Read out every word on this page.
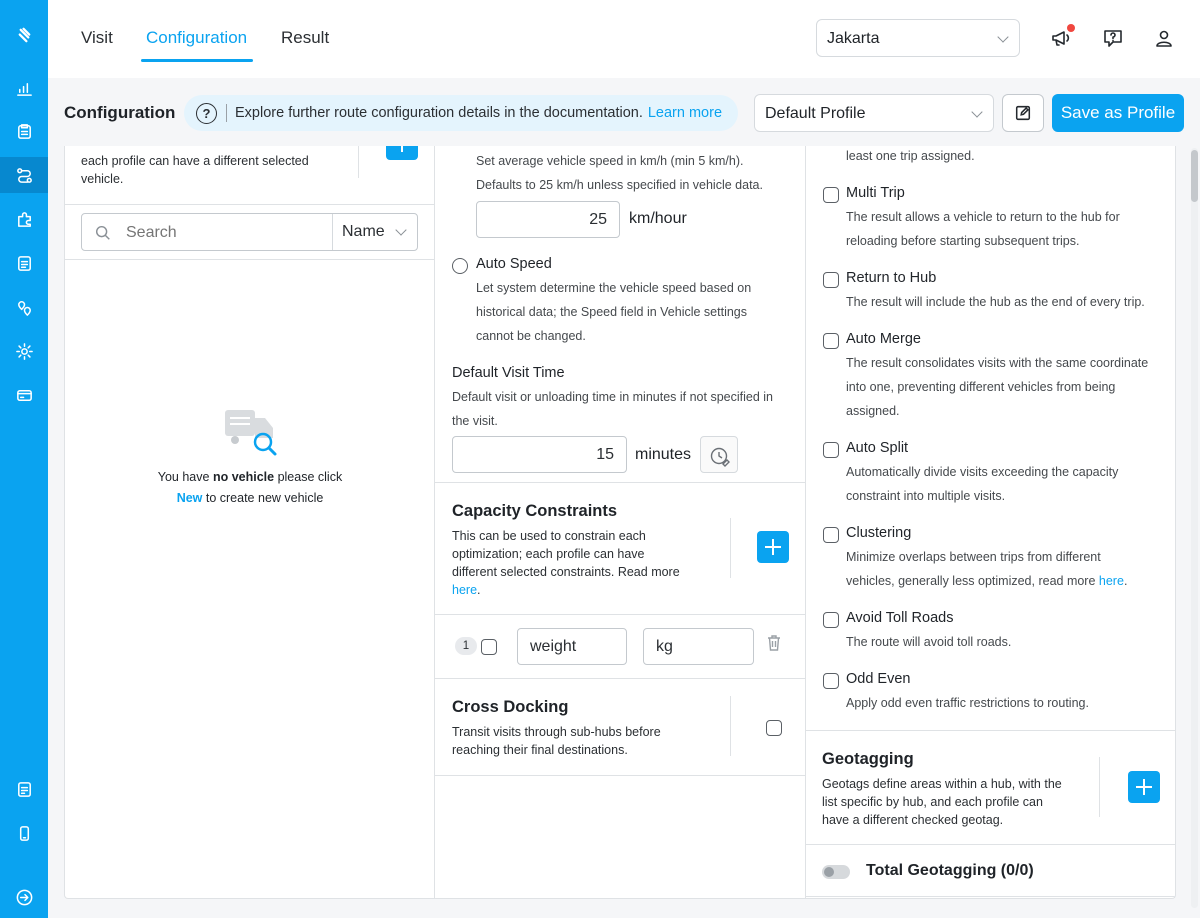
Visit Configuration Result	Jakarta
Configuration	?	Explore further route configuration details in the documentation. Learn more	Default Profile	Save as Profile
each profile can have a different selected vehicle.
Search
Name
You have no vehicle please click
New to create new vehicle
Set average vehicle speed in km/h (min 5 km/h). Defaults to 25 km/h unless specified in vehicle data.
25	km/hour
Auto Speed
Let system determine the vehicle speed based on historical data; the Speed field in Vehicle settings cannot be changed.
Default Visit Time
Default visit or unloading time in minutes if not specified in the visit.
15	minutes
Capacity Constraints
This can be used to constrain each optimization; each profile can have different selected constraints. Read more here.
1	weight	kg
Cross Docking
Transit visits through sub-hubs before reaching their final destinations.
least one trip assigned.
Multi Trip
The result allows a vehicle to return to the hub for reloading before starting subsequent trips.
Return to Hub
The result will include the hub as the end of every trip.
Auto Merge
The result consolidates visits with the same coordinate into one, preventing different vehicles from being assigned.
Auto Split
Automatically divide visits exceeding the capacity constraint into multiple visits.
Clustering
Minimize overlaps between trips from different vehicles, generally less optimized, read more here.
Avoid Toll Roads
The route will avoid toll roads.
Odd Even
Apply odd even traffic restrictions to routing.
Geotagging
Geotags define areas within a hub, with the list specific by hub, and each profile can have a different checked geotag.
Total Geotagging (0/0)
